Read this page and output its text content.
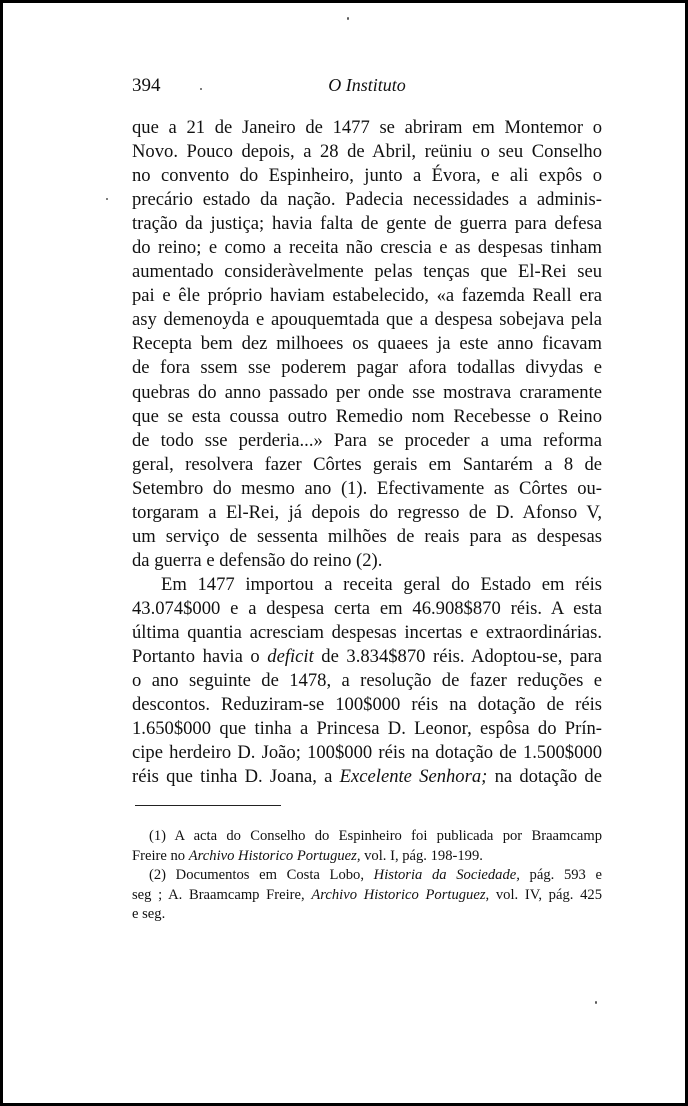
394	O Instituto
que a 21 de Janeiro de 1477 se abriram em Montemor o
Novo. Pouco depois, a 28 de Abril, reüniu o seu Conselho
no convento do Espinheiro, junto a Évora, e ali expôs o
precário estado da nação. Padecia necessidades a adminis-
tração da justiça; havia falta de gente de guerra para defesa
do reino; e como a receita não crescia e as despesas tinham
aumentado consideràvelmente pelas tenças que El-Rei seu
pai e êle próprio haviam estabelecido, «a fazemda Reall era
asy demenoyda e apouquemtada que a despesa sobejava pela
Recepta bem dez milhoees os quaees ja este anno ficavam
de fora ssem sse poderem pagar afora todallas divydas e
quebras do anno passado per onde sse mostrava craramente
que se esta coussa outro Remedio nom Recebesse o Reino
de todo sse perderia...» Para se proceder a uma reforma
geral, resolvera fazer Côrtes gerais em Santarém a 8 de
Setembro do mesmo ano (1). Efectivamente as Côrtes ou-
torgaram a El-Rei, já depois do regresso de D. Afonso V,
um serviço de sessenta milhões de reais para as despesas
da guerra e defensão do reino (2).
Em 1477 importou a receita geral do Estado em réis
43.074$000 e a despesa certa em 46.908$870 réis. A esta
última quantia acresciam despesas incertas e extraordinárias.
Portanto havia o deficit de 3.834$870 réis. Adoptou-se, para
o ano seguinte de 1478, a resolução de fazer reduções e
descontos. Reduziram-se 100$000 réis na dotação de réis
1.650$000 que tinha a Princesa D. Leonor, espôsa do Prín-
cipe herdeiro D. João; 100$000 réis na dotação de 1.500$000
réis que tinha D. Joana, a Excelente Senhora; na dotação de
(1) A acta do Conselho do Espinheiro foi publicada por Braamcamp
Freire no Archivo Historico Portuguez, vol. I, pág. 198-199.
(2) Documentos em Costa Lobo, Historia da Sociedade, pág. 593 e
seg ; A. Braamcamp Freire, Archivo Historico Portuguez, vol. IV, pág. 425
e seg.
